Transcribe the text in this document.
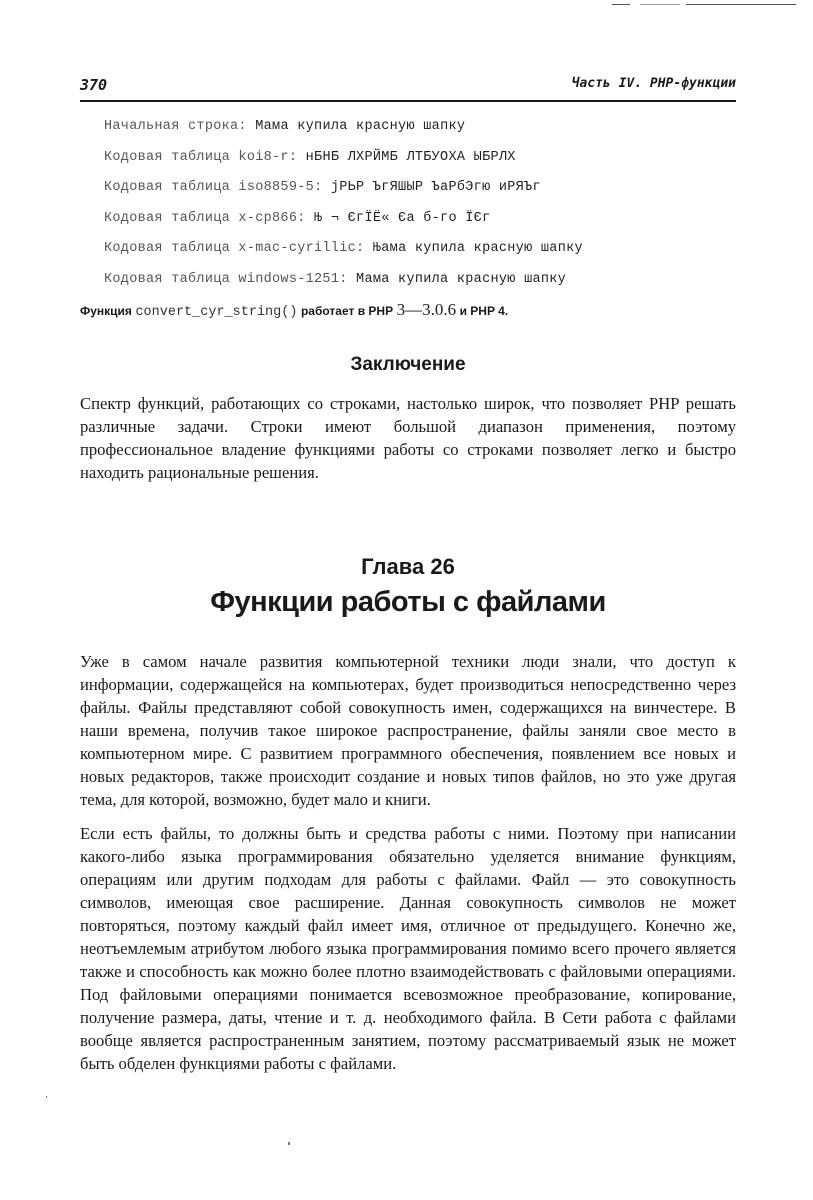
370	Часть IV. PHP-функции
Начальная строка: Мама купила красную шапку
Кодовая таблица koi8-r: нБНБ ЛХРЙМБ ЛТБУОХА ЫБРЛХ
Кодовая таблица iso8859-5: јРЬР ЪгЯШЫР ЪаРбЭгю иРЯЪг
Кодовая таблица x-cp866: Њ ¬ ЄгЇЁ« Єа б-го ЇЄг
Кодовая таблица x-mac-cyrillic: Њама купила красную шапку
Кодовая таблица windows-1251: Мама купила красную шапку
Функция convert_cyr_string() работает в PHP 3—3.0.6 и PHP 4.
Заключение

Спектр функций, работающих со строками, настолько широк, что позволяет PHP решать различные задачи. Строки имеют большой диапазон применения, поэтому профессиональное владение функциями работы со строками позволяет легко и быстро находить рациональные решения.

Глава 26
Функции работы с файлами

Уже в самом начале развития компьютерной техники люди знали, что доступ к информации, содержащейся на компьютерах, будет производиться непосредственно через файлы. Файлы представляют собой совокупность имен, содержащихся на винчестере. В наши времена, получив такое широкое распространение, файлы заняли свое место в компьютерном мире. С развитием программного обеспечения, появлением все новых и новых редакторов, также происходит создание и новых типов файлов, но это уже другая тема, для которой, возможно, будет мало и книги.

Если есть файлы, то должны быть и средства работы с ними. Поэтому при написании какого-либо языка программирования обязательно уделяется внимание функциям, операциям или другим подходам для работы с файлами. Файл — это совокупность символов, имеющая свое расширение. Данная совокупность символов не может повторяться, поэтому каждый файл имеет имя, отличное от предыдущего. Конечно же, неотъемлемым атрибутом любого языка программирования помимо всего прочего является также и способность как можно более плотно взаимодействовать с файловыми операциями. Под файловыми операциями понимается всевозможное преобразование, копирование, получение размера, даты, чтение и т. д. необходимого файла. В Сети работа с файлами вообще является распространенным занятием, поэтому рассматриваемый язык не может быть обделен функциями работы с файлами.
